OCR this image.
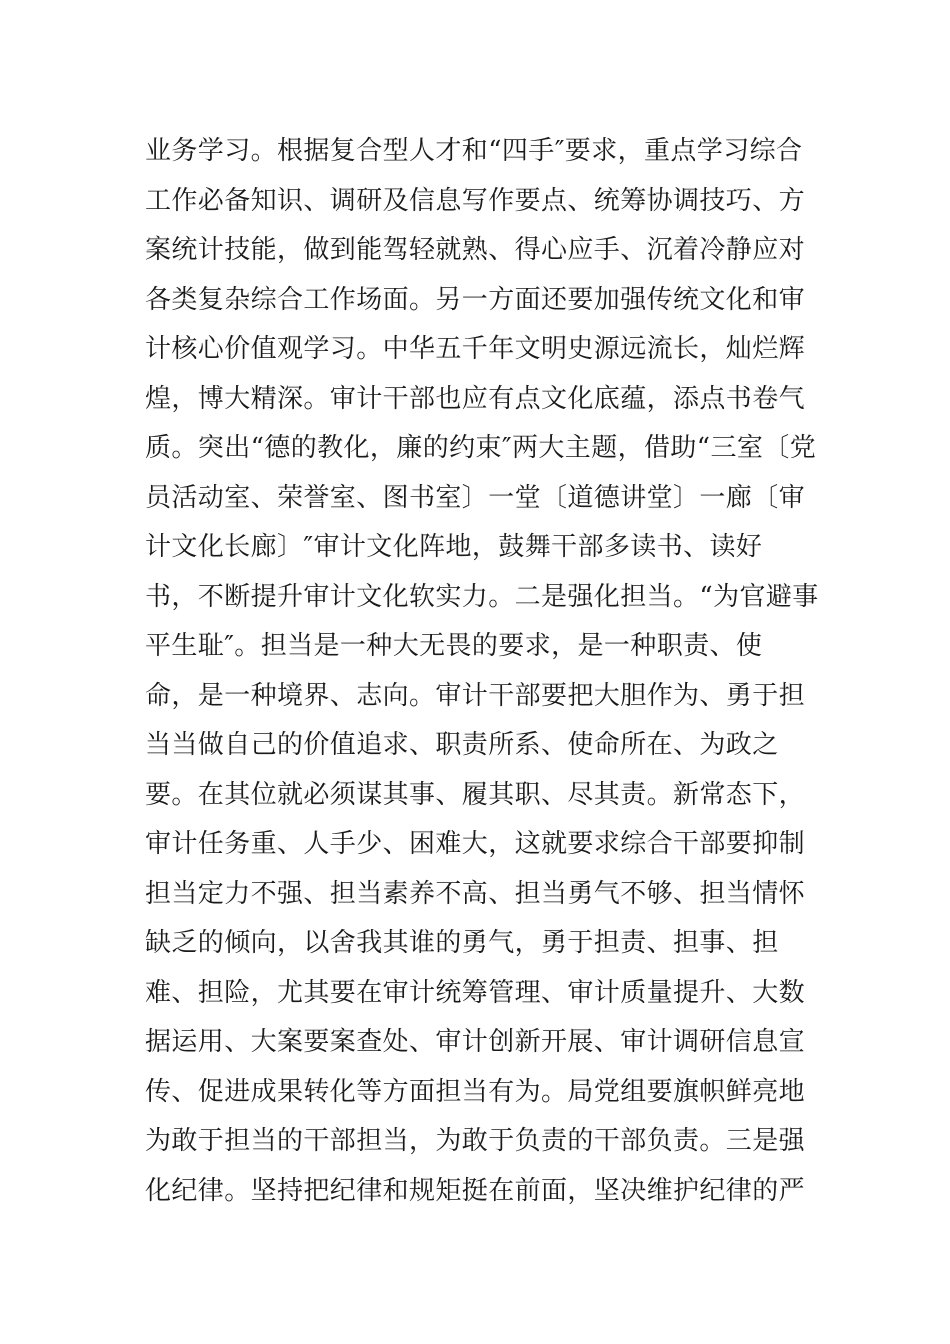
业务学习。根据复合型人才和“四手″要求，重点学习综合
工作必备知识、调研及信息写作要点、统筹协调技巧、方
案统计技能，做到能驾轻就熟、得心应手、沉着冷静应对
各类复杂综合工作场面。另一方面还要加强传统文化和审
计核心价值观学习。中华五千年文明史源远流长，灿烂辉
煌，博大精深。审计干部也应有点文化底蕴，添点书卷气
质。突出“德的教化，廉的约束″两大主题，借助“三室〔党
员活动室、荣誉室、图书室〕一堂〔道德讲堂〕一廊〔审
计文化长廊〕″审计文化阵地，鼓舞干部多读书、读好
书，不断提升审计文化软实力。二是强化担当。“为官避事
平生耻″。担当是一种大无畏的要求，是一种职责、使
命，是一种境界、志向。审计干部要把大胆作为、勇于担
当当做自己的价值追求、职责所系、使命所在、为政之
要。在其位就必须谋其事、履其职、尽其责。新常态下，
审计任务重、人手少、困难大，这就要求综合干部要抑制
担当定力不强、担当素养不高、担当勇气不够、担当情怀
缺乏的倾向，以舍我其谁的勇气，勇于担责、担事、担
难、担险，尤其要在审计统筹管理、审计质量提升、大数
据运用、大案要案查处、审计创新开展、审计调研信息宣
传、促进成果转化等方面担当有为。局党组要旗帜鲜亮地
为敢于担当的干部担当，为敢于负责的干部负责。三是强
化纪律。坚持把纪律和规矩挺在前面，坚决维护纪律的严
